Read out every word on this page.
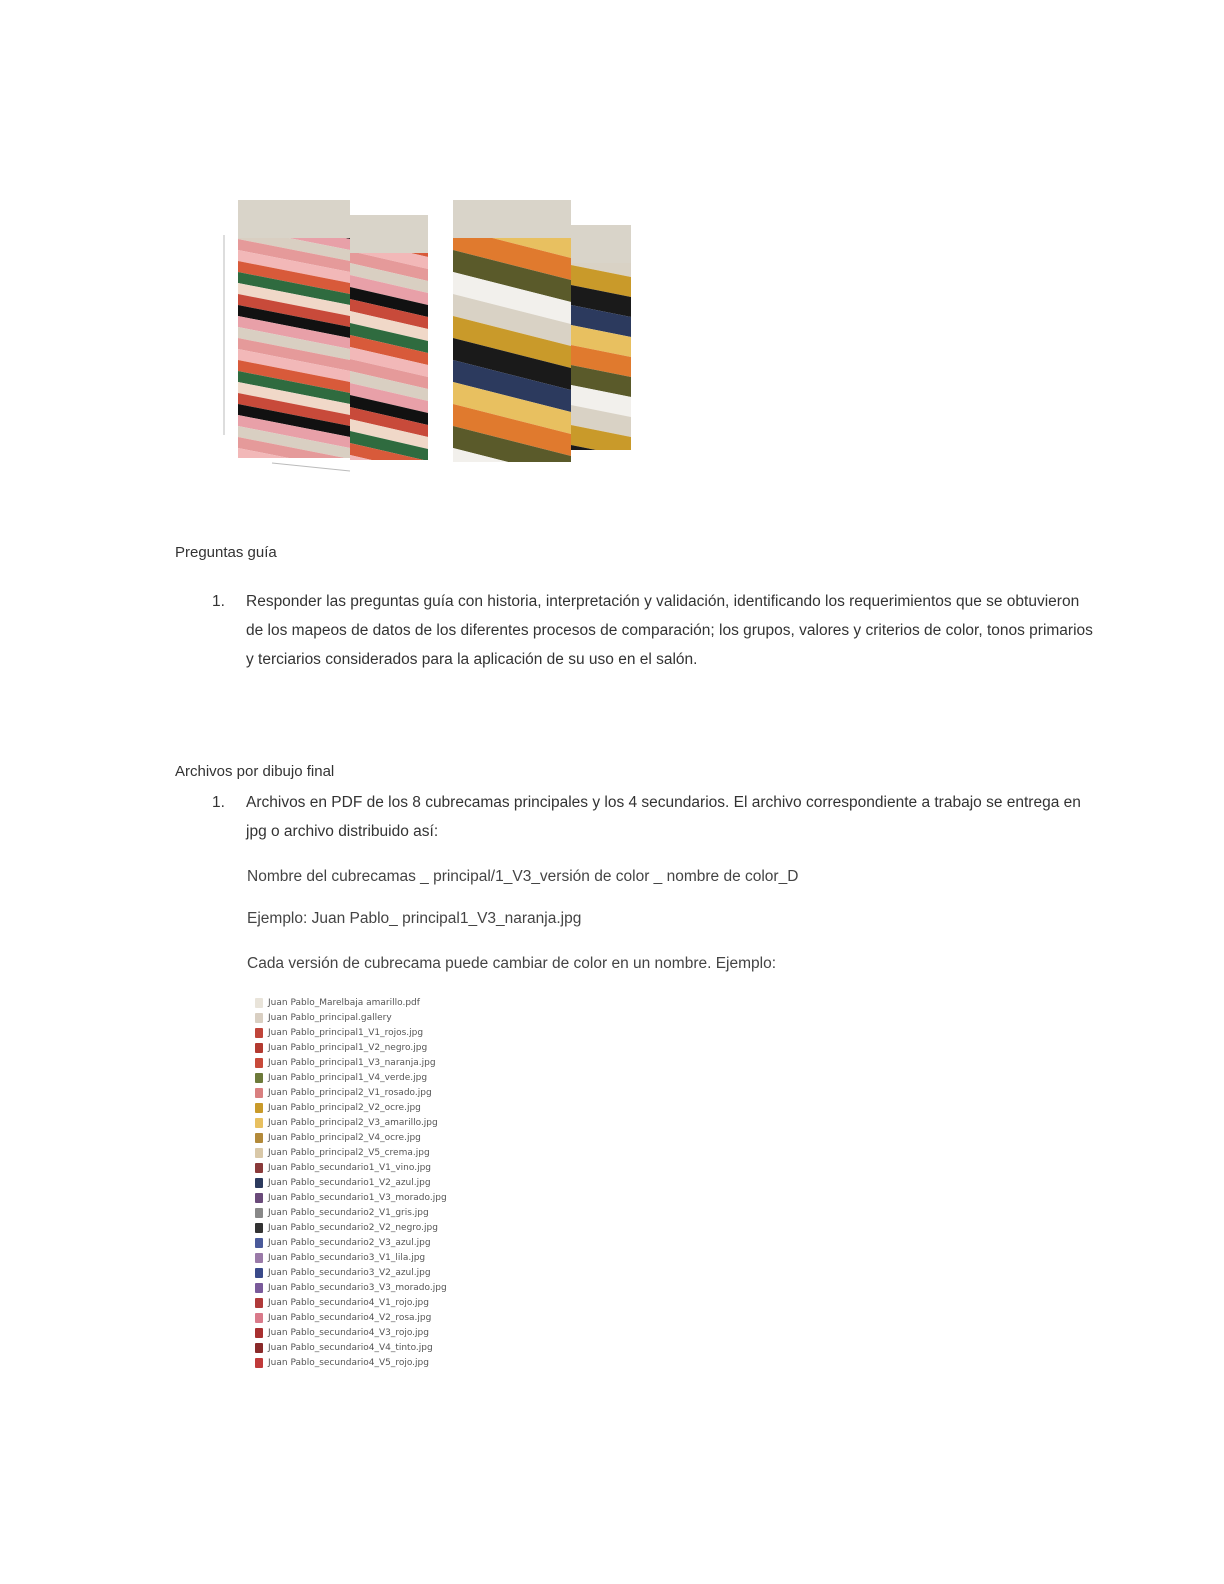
Preguntas guía
1.	Responder las preguntas guía con historia, interpretación y validación, identificando los requerimientos que se obtuvieron de los mapeos de datos de los diferentes procesos de comparación; los grupos, valores y criterios de color, tonos primarios y terciarios considerados para la aplicación de su uso en el salón.
Archivos por dibujo final
1.	Archivos en PDF de los 8 cubrecamas principales y los 4 secundarios. El archivo correspondiente a trabajo se entrega en jpg o archivo distribuido así:
Nombre del cubrecamas _ principal/1_V3_versión de color _ nombre de color_D
Ejemplo: Juan Pablo_ principal1_V3_naranja.jpg
Cada versión de cubrecama puede cambiar de color en un nombre. Ejemplo:
Juan Pablo_Marelbaja amarillo.pdf
Juan Pablo_principal.gallery
Juan Pablo_principal1_V1_rojos.jpg
Juan Pablo_principal1_V2_negro.jpg
Juan Pablo_principal1_V3_naranja.jpg
Juan Pablo_principal1_V4_verde.jpg
Juan Pablo_principal2_V1_rosado.jpg
Juan Pablo_principal2_V2_ocre.jpg
Juan Pablo_principal2_V3_amarillo.jpg
Juan Pablo_principal2_V4_ocre.jpg
Juan Pablo_principal2_V5_crema.jpg
Juan Pablo_secundario1_V1_vino.jpg
Juan Pablo_secundario1_V2_azul.jpg
Juan Pablo_secundario1_V3_morado.jpg
Juan Pablo_secundario2_V1_gris.jpg
Juan Pablo_secundario2_V2_negro.jpg
Juan Pablo_secundario2_V3_azul.jpg
Juan Pablo_secundario3_V1_lila.jpg
Juan Pablo_secundario3_V2_azul.jpg
Juan Pablo_secundario3_V3_morado.jpg
Juan Pablo_secundario4_V1_rojo.jpg
Juan Pablo_secundario4_V2_rosa.jpg
Juan Pablo_secundario4_V3_rojo.jpg
Juan Pablo_secundario4_V4_tinto.jpg
Juan Pablo_secundario4_V5_rojo.jpg
